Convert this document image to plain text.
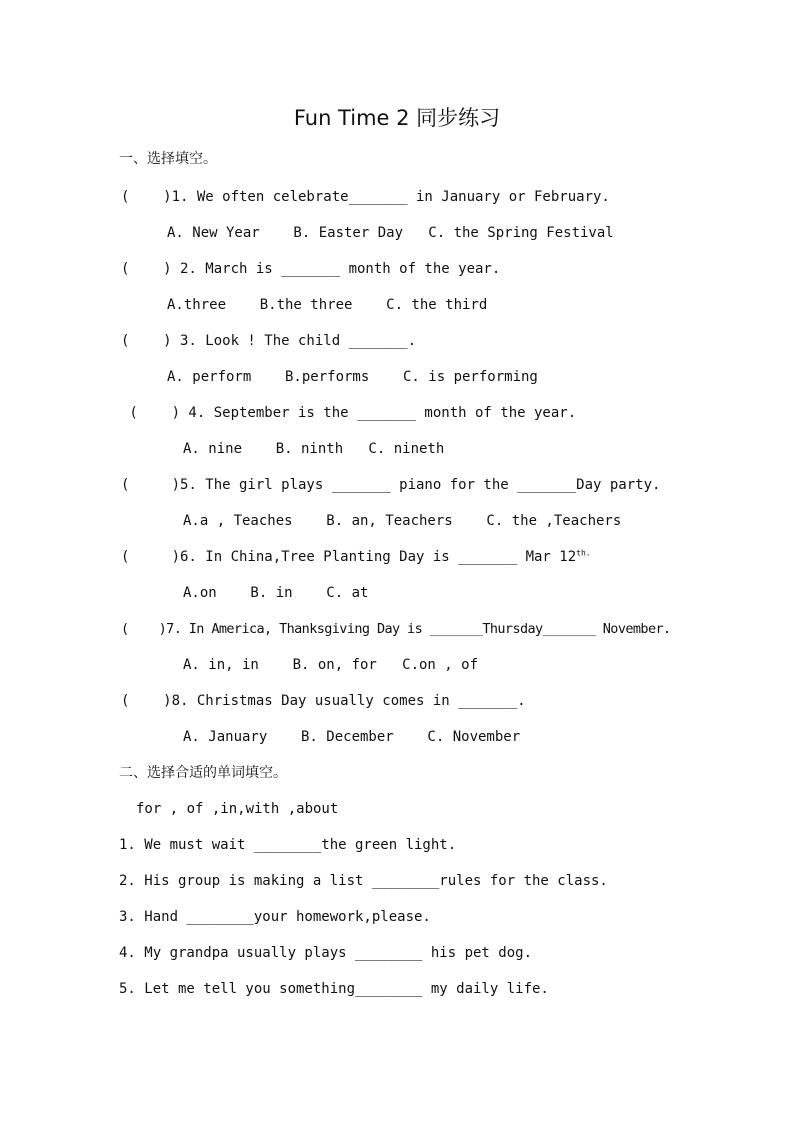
Fun Time 2 同步练习
一、选择填空。
(    )1. We often celebrate_______ in January or February.
A. New Year    B. Easter Day   C. the Spring Festival
(    ) 2. March is _______ month of the year.
A.three    B.the three    C. the third
(    ) 3. Look ! The child _______.
A. perform    B.performs    C. is performing
(    ) 4. September is the _______ month of the year.
A. nine    B. ninth   C. nineth
(     )5. The girl plays _______ piano for the _______Day party.
A.a , Teaches    B. an, Teachers    C. the ,Teachers
(     )6. In China,Tree Planting Day is _______ Mar $12^{th.}$
A.on    B. in    C. at
(    )7. In America, Thanksgiving Day is _______Thursday_______ November.
A. in, in    B. on, for   C.on , of
(    )8. Christmas Day usually comes in _______.
A. January    B. December    C. November
二、选择合适的单词填空。
for , of ,in,with ,about
1. We must wait ________the green light.
2. His group is making a list ________rules for the class.
3. Hand ________your homework,please.
4. My grandpa usually plays ________ his pet dog.
5. Let me tell you something________ my daily life.
